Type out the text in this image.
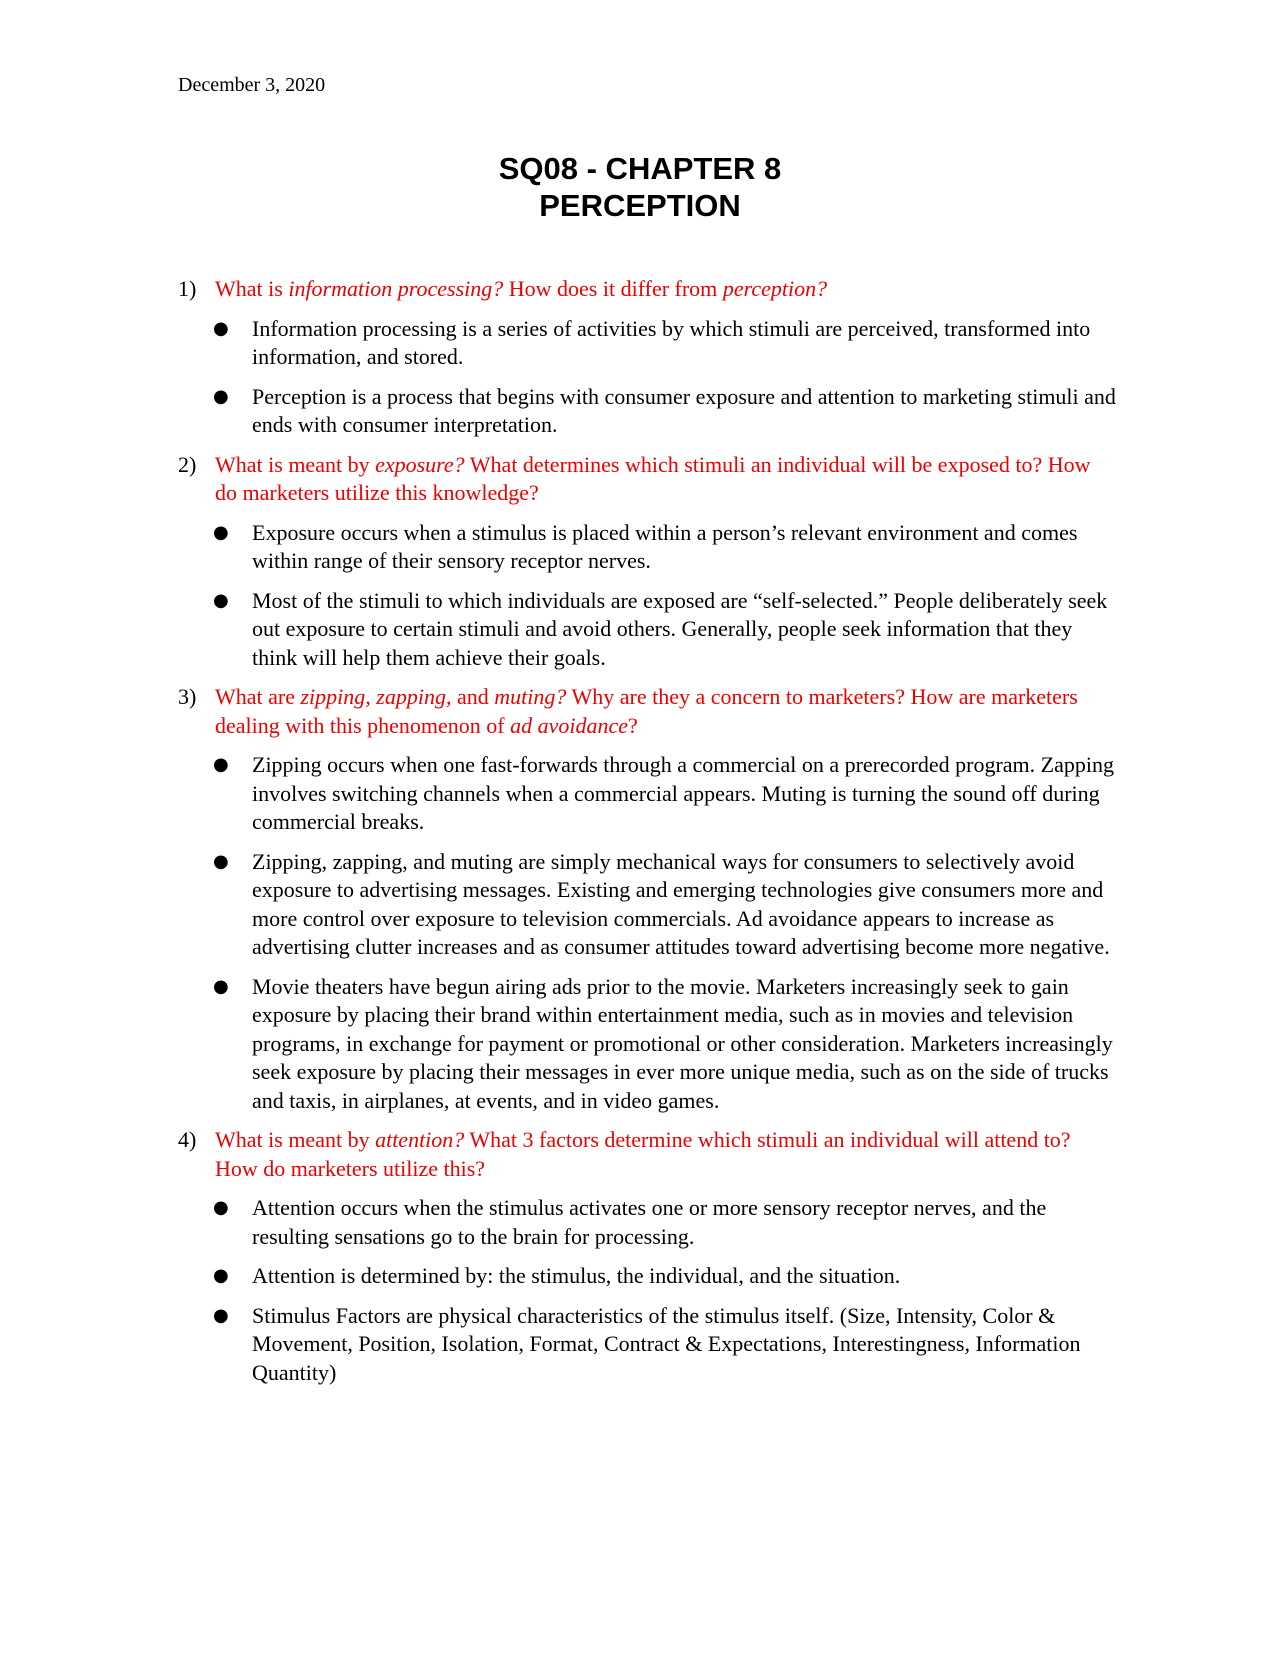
December 3, 2020
SQ08 - CHAPTER 8
PERCEPTION
1) What is information processing? How does it differ from perception?
● Information processing is a series of activities by which stimuli are perceived, transformed into information, and stored.
● Perception is a process that begins with consumer exposure and attention to marketing stimuli and ends with consumer interpretation.
2) What is meant by exposure? What determines which stimuli an individual will be exposed to? How do marketers utilize this knowledge?
● Exposure occurs when a stimulus is placed within a person’s relevant environment and comes within range of their sensory receptor nerves.
● Most of the stimuli to which individuals are exposed are “self-selected.” People deliberately seek out exposure to certain stimuli and avoid others. Generally, people seek information that they think will help them achieve their goals.
3) What are zipping, zapping, and muting? Why are they a concern to marketers? How are marketers dealing with this phenomenon of ad avoidance?
● Zipping occurs when one fast-forwards through a commercial on a prerecorded program. Zapping involves switching channels when a commercial appears. Muting is turning the sound off during commercial breaks.
● Zipping, zapping, and muting are simply mechanical ways for consumers to selectively avoid exposure to advertising messages. Existing and emerging technologies give consumers more and more control over exposure to television commercials. Ad avoidance appears to increase as advertising clutter increases and as consumer attitudes toward advertising become more negative.
● Movie theaters have begun airing ads prior to the movie. Marketers increasingly seek to gain exposure by placing their brand within entertainment media, such as in movies and television programs, in exchange for payment or promotional or other consideration. Marketers increasingly seek exposure by placing their messages in ever more unique media, such as on the side of trucks and taxis, in airplanes, at events, and in video games.
4) What is meant by attention? What 3 factors determine which stimuli an individual will attend to? How do marketers utilize this?
● Attention occurs when the stimulus activates one or more sensory receptor nerves, and the resulting sensations go to the brain for processing.
● Attention is determined by: the stimulus, the individual, and the situation.
● Stimulus Factors are physical characteristics of the stimulus itself. (Size, Intensity, Color & Movement, Position, Isolation, Format, Contract & Expectations, Interestingness, Information Quantity)
